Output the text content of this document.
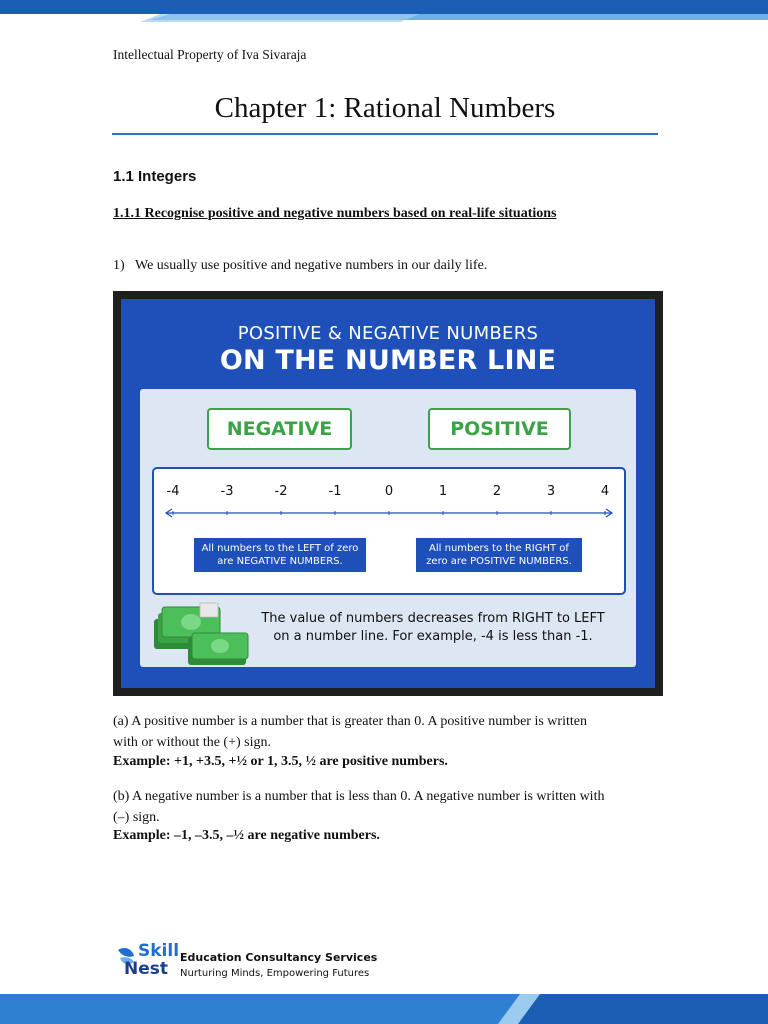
Intellectual Property of Iva Sivaraja
Chapter 1: Rational Numbers
1.1 Integers
1.1.1 Recognise positive and negative numbers based on real-life situations
1) We usually use positive and negative numbers in our daily life.
POSITIVE & NEGATIVE NUMBERS
ON THE NUMBER LINE
NEGATIVE	POSITIVE
-4	-3	-2	-1	0	1	2	3	4
All numbers to the LEFT of zero
are NEGATIVE NUMBERS.
All numbers to the RIGHT of
zero are POSITIVE NUMBERS.
The value of numbers decreases from RIGHT to LEFT
on a number line. For example, -4 is less than -1.
(a) A positive number is a number that is greater than 0. A positive number is written
with or without the (+) sign.
Example: +1, +3.5, +½ or 1, 3.5, ½ are positive numbers.
(b) A negative number is a number that is less than 0. A negative number is written with
(–) sign.
Example: –1, –3.5, –½ are negative numbers.
Skill
Nest
Education Consultancy Services
Nurturing Minds, Empowering Futures
